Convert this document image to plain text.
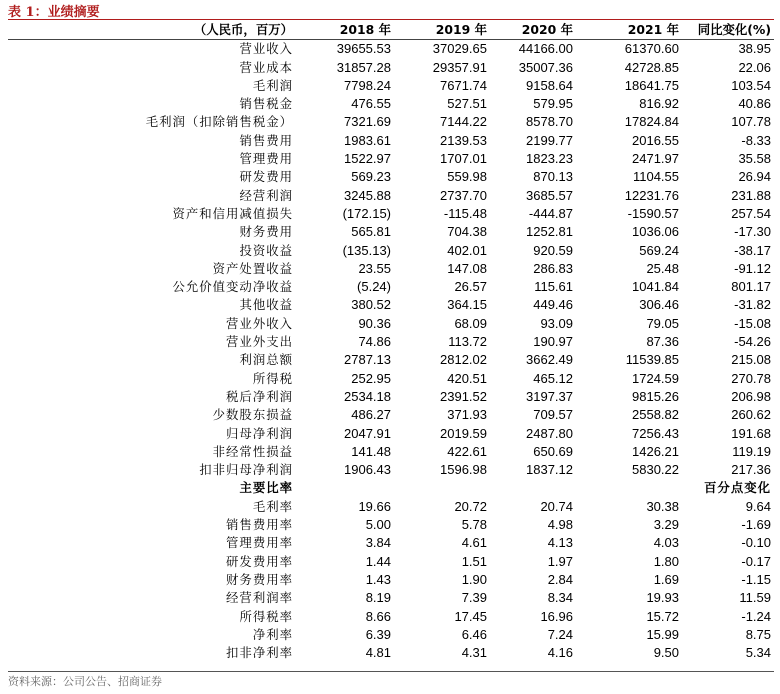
表 1：业绩摘要
（人民币，百万）	2018 年	2019 年	2020 年	2021 年	同比变化(%)
营业收入	39655.53	37029.65	44166.00	61370.60	38.95
营业成本	31857.28	29357.91	35007.36	42728.85	22.06
毛利润	7798.24	7671.74	9158.64	18641.75	103.54
销售税金	476.55	527.51	579.95	816.92	40.86
毛利润（扣除销售税金）	7321.69	7144.22	8578.70	17824.84	107.78
销售费用	1983.61	2139.53	2199.77	2016.55	-8.33
管理费用	1522.97	1707.01	1823.23	2471.97	35.58
研发费用	569.23	559.98	870.13	1104.55	26.94
经营利润	3245.88	2737.70	3685.57	12231.76	231.88
资产和信用减值损失	(172.15)	-115.48	-444.87	-1590.57	257.54
财务费用	565.81	704.38	1252.81	1036.06	-17.30
投资收益	(135.13)	402.01	920.59	569.24	-38.17
资产处置收益	23.55	147.08	286.83	25.48	-91.12
公允价值变动净收益	(5.24)	26.57	115.61	1041.84	801.17
其他收益	380.52	364.15	449.46	306.46	-31.82
营业外收入	90.36	68.09	93.09	79.05	-15.08
营业外支出	74.86	113.72	190.97	87.36	-54.26
利润总额	2787.13	2812.02	3662.49	11539.85	215.08
所得税	252.95	420.51	465.12	1724.59	270.78
税后净利润	2534.18	2391.52	3197.37	9815.26	206.98
少数股东损益	486.27	371.93	709.57	2558.82	260.62
归母净利润	2047.91	2019.59	2487.80	7256.43	191.68
非经常性损益	141.48	422.61	650.69	1426.21	119.19
扣非归母净利润	1906.43	1596.98	1837.12	5830.22	217.36
主要比率					百分点变化
毛利率	19.66	20.72	20.74	30.38	9.64
销售费用率	5.00	5.78	4.98	3.29	-1.69
管理费用率	3.84	4.61	4.13	4.03	-0.10
研发费用率	1.44	1.51	1.97	1.80	-0.17
财务费用率	1.43	1.90	2.84	1.69	-1.15
经营利润率	8.19	7.39	8.34	19.93	11.59
所得税率	8.66	17.45	16.96	15.72	-1.24
净利率	6.39	6.46	7.24	15.99	8.75
扣非净利率	4.81	4.31	4.16	9.50	5.34
资料来源：公司公告、招商证券
